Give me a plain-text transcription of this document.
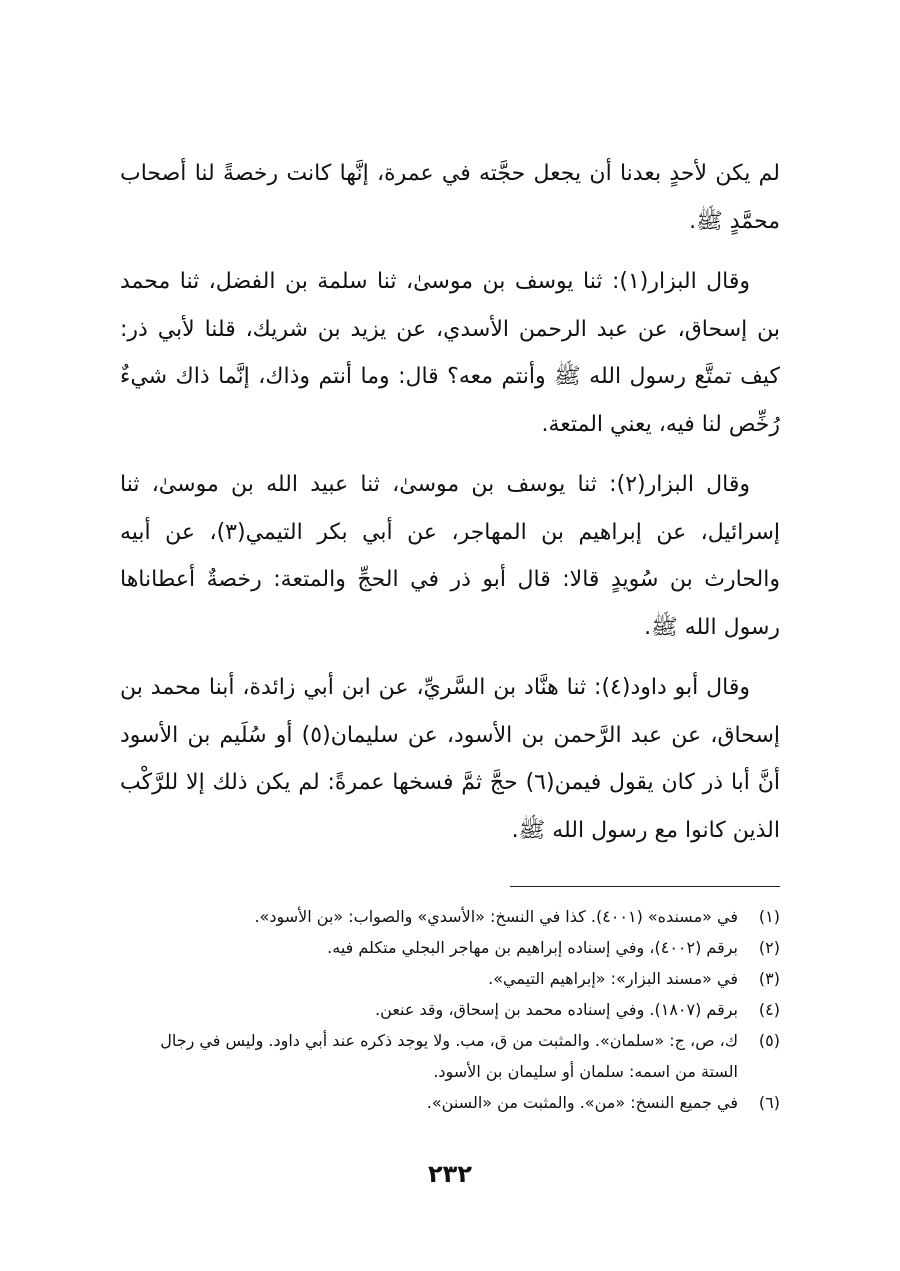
لم يكن لأحدٍ بعدنا أن يجعل حجَّته في عمرة، إنَّها كانت رخصةً لنا أصحاب محمَّدٍ ﷺ.

وقال البزار(١): ثنا يوسف بن موسىٰ، ثنا سلمة بن الفضل، ثنا محمد بن إسحاق، عن عبد الرحمن الأسدي، عن يزيد بن شريك، قلنا لأبي ذر: كيف تمتَّع رسول الله ﷺ وأنتم معه؟ قال: وما أنتم وذاك، إنَّما ذاك شيءٌ رُخِّص لنا فيه، يعني المتعة.

وقال البزار(٢): ثنا يوسف بن موسىٰ، ثنا عبيد الله بن موسىٰ، ثنا إسرائيل، عن إبراهيم بن المهاجر، عن أبي بكر التيمي(٣)، عن أبيه والحارث بن سُويدٍ قالا: قال أبو ذر في الحجِّ والمتعة: رخصةٌ أعطاناها رسول الله ﷺ.

وقال أبو داود(٤): ثنا هنَّاد بن السَّريِّ، عن ابن أبي زائدة، أبنا محمد بن إسحاق، عن عبد الرَّحمن بن الأسود، عن سليمان(٥) أو سُلَيم بن الأسود أنَّ أبا ذر كان يقول فيمن(٦) حجَّ ثمَّ فسخها عمرةً: لم يكن ذلك إلا للرَّكْب الذين كانوا مع رسول الله ﷺ.

(١)
في «مسنده» (٤٠٠١). كذا في النسخ: «الأسدي» والصواب: «بن الأسود».

(٢)
برقم (٤٠٠٢)، وفي إسناده إبراهيم بن مهاجر البجلي متكلم فيه.

(٣)
في «مسند البزار»: «إبراهيم التيمي».

(٤)
برقم (١٨٠٧). وفي إسناده محمد بن إسحاق، وقد عنعن.

(٥)
ك، ص، ج: «سلمان». والمثبت من ق، مب. ولا يوجد ذكره عند أبي داود. وليس في رجال الستة من اسمه: سلمان أو سليمان بن الأسود.

(٦)
في جميع النسخ: «من». والمثبت من «السنن».

٢٣٢
